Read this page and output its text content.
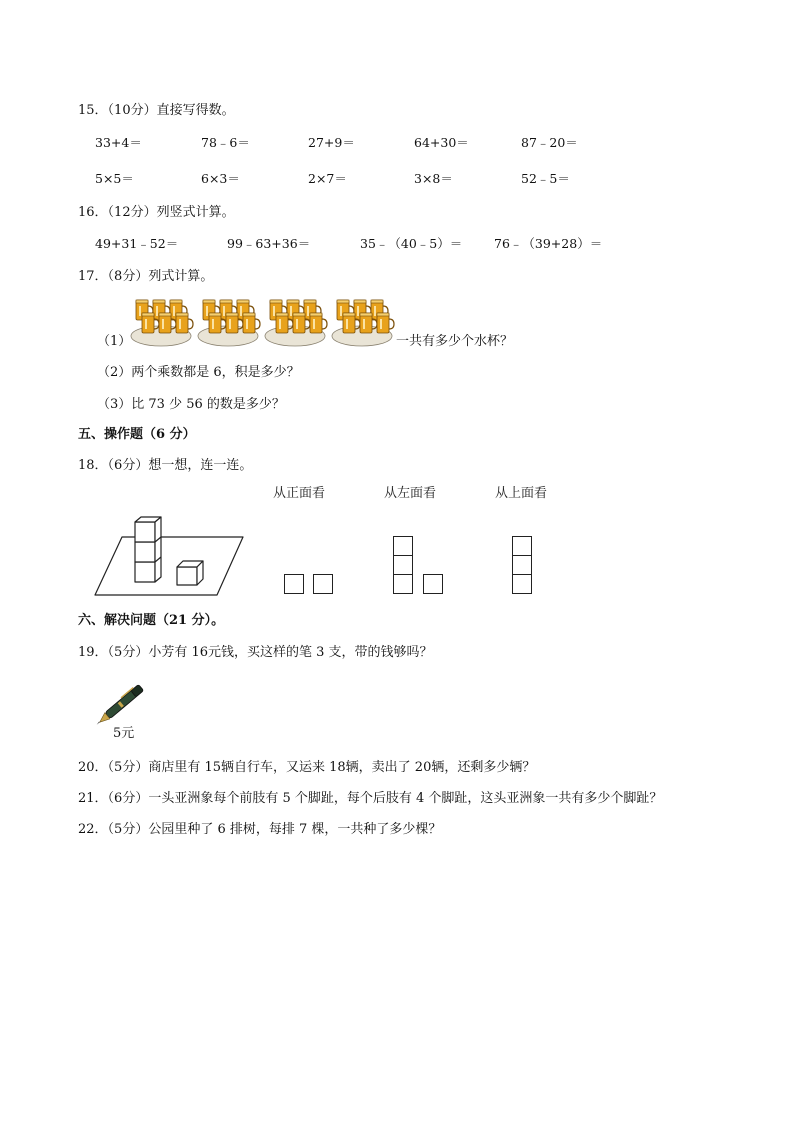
15．（10分）直接写得数。
33+4＝	78﹣6＝	27+9＝	64+30＝	87﹣20＝
5×5＝	6×3＝	2×7＝	3×8＝	52﹣5＝
16．（12分）列竖式计算。
49+31﹣52＝	99﹣63+36＝	35﹣（40﹣5）＝	76﹣（39+28）＝
17．（8分）列式计算。
（1）	一共有多少个水杯？
（2）两个乘数都是 6，积是多少？
（3）比 73 少 56 的数是多少？
五、操作题（6 分）
18．（6分）想一想，连一连。
从正面看	从左面看	从上面看
六、解决问题（21 分）。
19．（5分）小芳有 16元钱，买这样的笔 3 支，带的钱够吗？
5元
20．（5分）商店里有 15辆自行车，又运来 18辆，卖出了 20辆，还剩多少辆？
21．（6分）一头亚洲象每个前肢有 5 个脚趾，每个后肢有 4 个脚趾，这头亚洲象一共有多少个脚趾？
22．（5分）公园里种了 6 排树，每排 7 棵，一共种了多少棵？
